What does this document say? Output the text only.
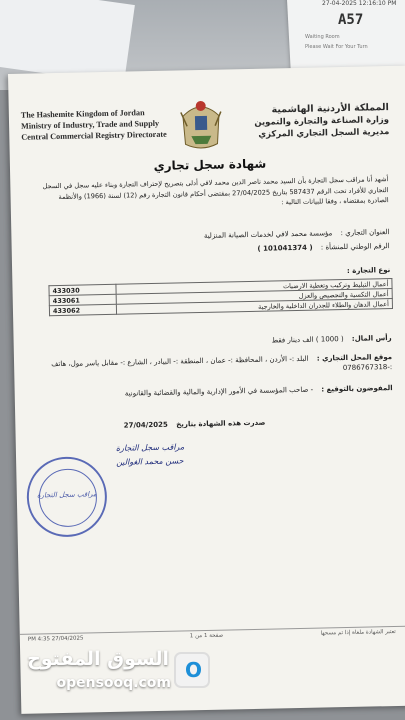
27-04-2025 12:16:10 PM
A57
Waiting Room
Please Wait For Your Turn
The Hashemite Kingdom of Jordan
Ministry of Industry, Trade and Supply
Central Commercial Registry Directorate
المملكة الأردنية الهاشمية
وزارة الصناعة والتجارة والتموين
مديرية السجل التجاري المركزي
شهادة سجل تجاري
أشهد أنا مراقب سجل التجارة بأن السيد محمد ناصر الدين محمد لافي أدلى بتصريح لإحتراف التجارة وبناء عليه سجل في السجل التجاري للأفراد تحت الرقم 587437 بتاريخ 27/04/2025 بمقتضى أحكام قانون التجارة رقم (12) لسنة (1966) والأنظمة الصادرة بمقتضاه ، وفقا للبيانات التالية :
العنوان التجاري : مؤسسة محمد لافي لخدمات الصيانة المنزلية
الرقم الوطني للمنشأة : ( 101041374 )
نوع التجارة :
433030	أعمال التبليط وتركيب وتغطية الارضيات
433061	أعمال التكسية والتجصيص والعزل
433062	أعمال الدهان والطلاء للجدران الداخلية والخارجية
رأس المال: ( 1000 ) الف دينار فقط
موقع المحل التجاري : البلد :- الأردن ، المحافظة :- عمان ، المنطقة :- البيادر ، الشارع :- مقابل ياسر مول، هاتف :-0786767318
المفوضون بالتوقيع : - صاحب المؤسسة في الأمور الإدارية والمالية والقضائية والقانونية
صدرت هذه الشهادة بتاريخ 27/04/2025
مراقب سجل التجارة
حسن محمد الغوالين
مراقب سجل التجارة
27/04/2025 4:35 PM	صفحة 1 من 1	تعتبر الشهادة ملغاة إذا تم مسحها
O
السوق المفتوح
opensooq.com
